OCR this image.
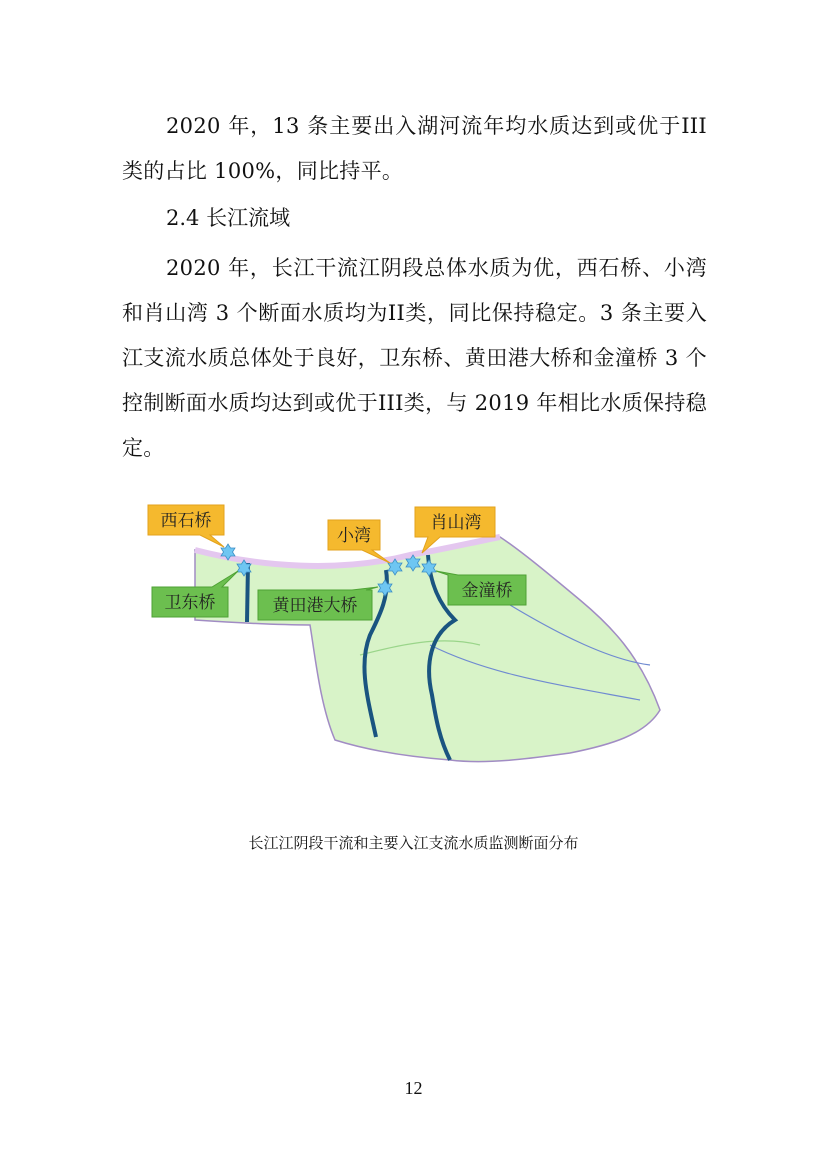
2020 年，13 条主要出入湖河流年均水质达到或优于III类的占比 100%，同比持平。

2.4 长江流域

2020 年，长江干流江阴段总体水质为优，西石桥、小湾和肖山湾 3 个断面水质均为II类，同比保持稳定。3 条主要入江支流水质总体处于良好，卫东桥、黄田港大桥和金潼桥 3 个控制断面水质均达到或优于III类，与 2019 年相比水质保持稳定。

西石桥
小湾
肖山湾
卫东桥	黄田港大桥
金潼桥
长江江阴段干流和主要入江支流水质监测断面分布
12
